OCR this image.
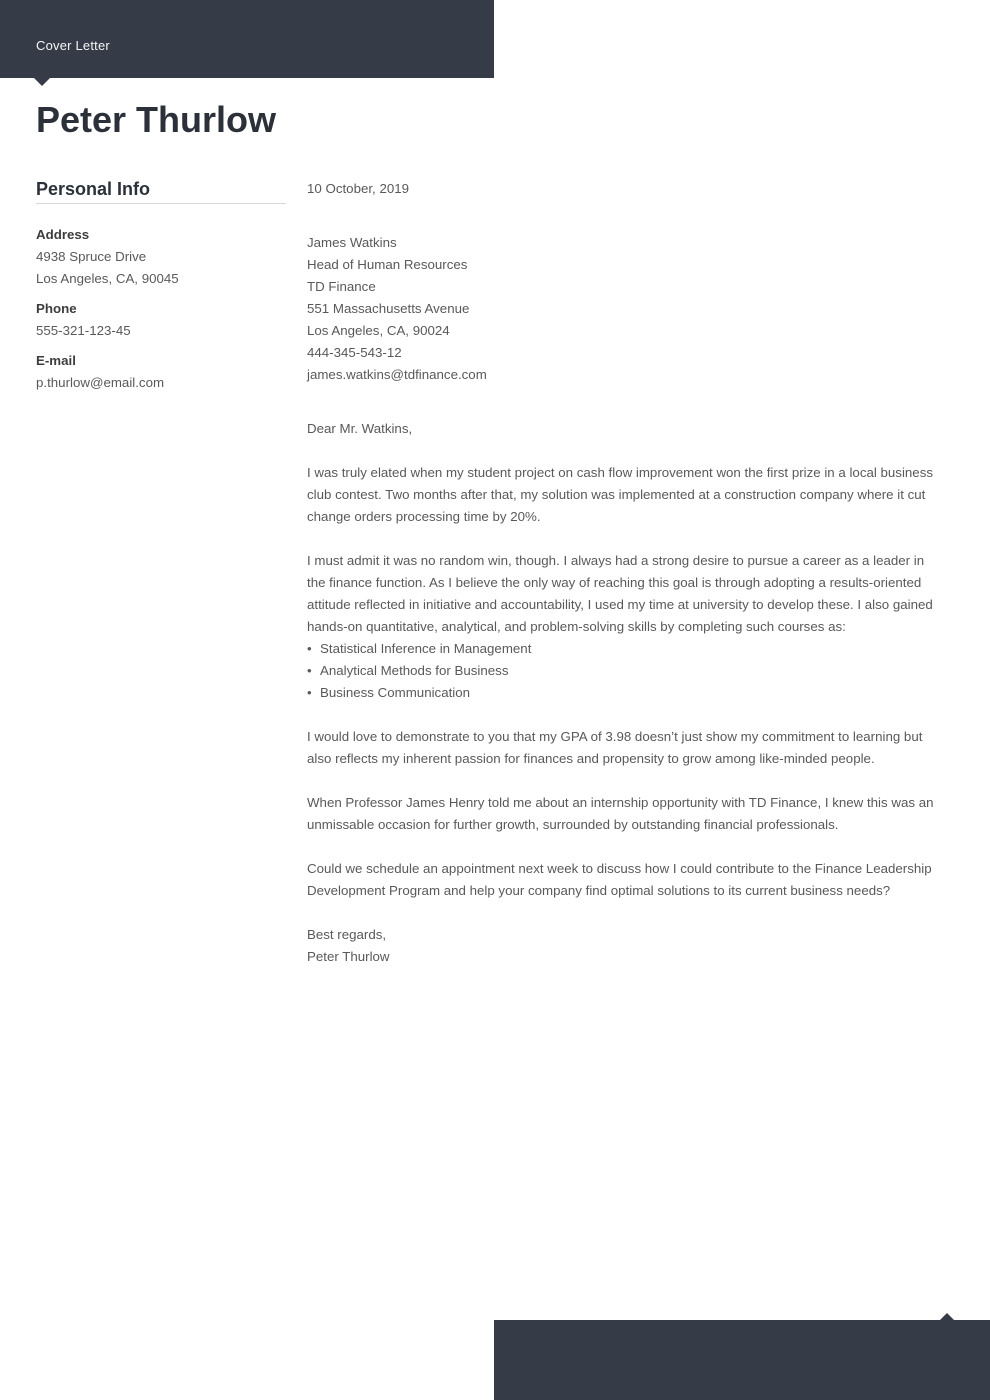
Cover Letter
Peter Thurlow
Personal Info
Address
4938 Spruce Drive
Los Angeles, CA, 90045
Phone
555-321-123-45
E-mail
p.thurlow@email.com

10 October, 2019

James Watkins
Head of Human Resources
TD Finance
551 Massachusetts Avenue
Los Angeles, CA, 90024
444-345-543-12
james.watkins@tdfinance.com

Dear Mr. Watkins,

I was truly elated when my student project on cash flow improvement won the first prize in a local business club contest. Two months after that, my solution was implemented at a construction company where it cut change orders processing time by 20%.

I must admit it was no random win, though. I always had a strong desire to pursue a career as a leader in the finance function. As I believe the only way of reaching this goal is through adopting a results-oriented attitude reflected in initiative and accountability, I used my time at university to develop these. I also gained hands-on quantitative, analytical, and problem-solving skills by completing such courses as:

• Statistical Inference in Management
• Analytical Methods for Business
• Business Communication

I would love to demonstrate to you that my GPA of 3.98 doesn’t just show my commitment to learning but also reflects my inherent passion for finances and propensity to grow among like-minded people.

When Professor James Henry told me about an internship opportunity with TD Finance, I knew this was an unmissable occasion for further growth, surrounded by outstanding financial professionals.

Could we schedule an appointment next week to discuss how I could contribute to the Finance Leadership Development Program and help your company find optimal solutions to its current business needs?

Best regards,

Peter Thurlow
